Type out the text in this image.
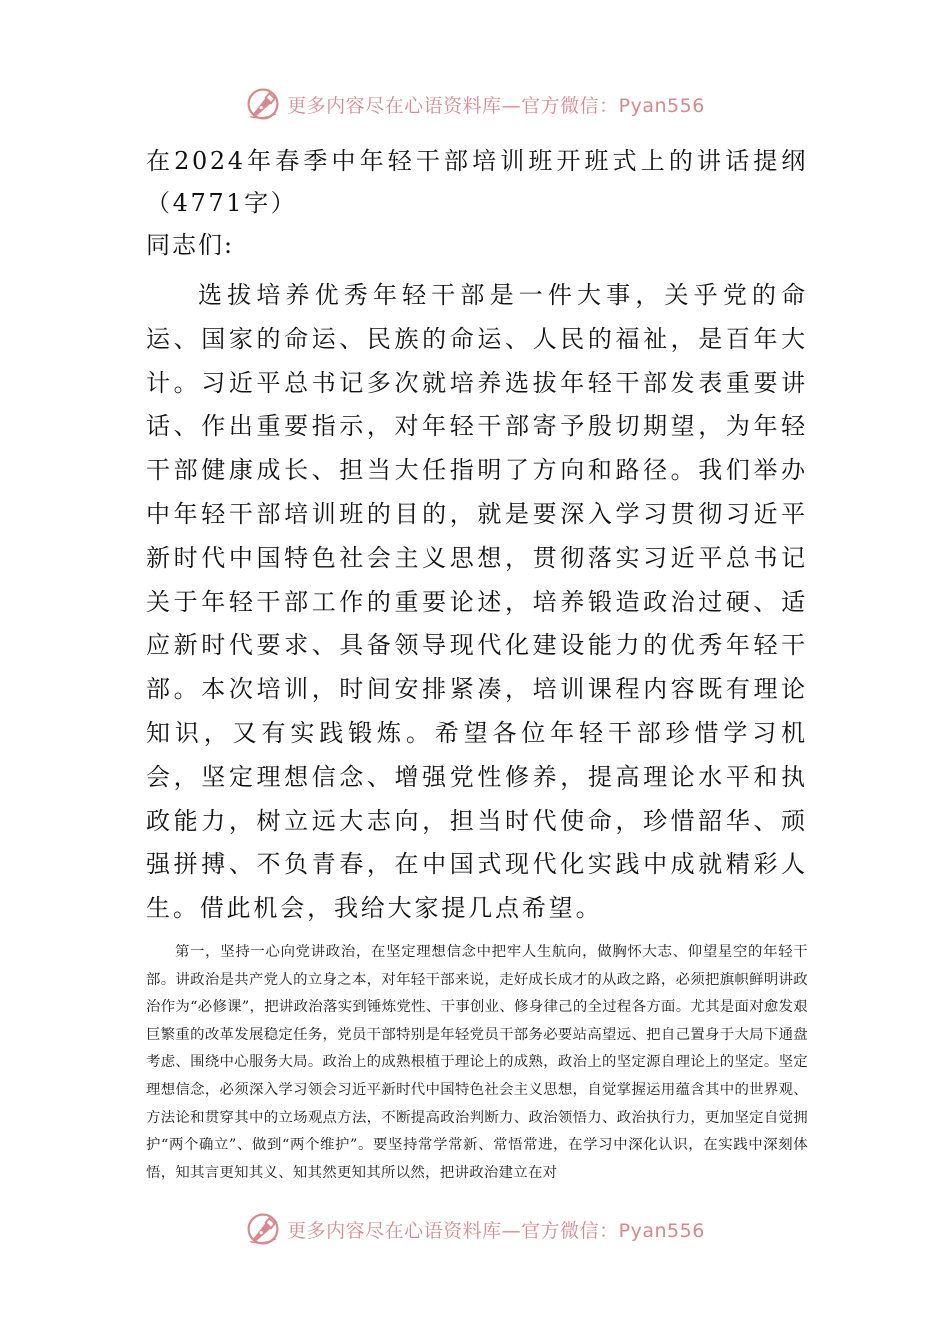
更多内容尽在心语资料库—官方微信：Pyan556
在2024年春季中年轻干部培训班开班式上的讲话提纲（4771字）

同志们:

选拔培养优秀年轻干部是一件大事，关乎党的命运、国家的命运、民族的命运、人民的福祉，是百年大计。习近平总书记多次就培养选拔年轻干部发表重要讲话、作出重要指示，对年轻干部寄予殷切期望，为年轻干部健康成长、担当大任指明了方向和路径。我们举办中年轻干部培训班的目的，就是要深入学习贯彻习近平新时代中国特色社会主义思想，贯彻落实习近平总书记关于年轻干部工作的重要论述，培养锻造政治过硬、适应新时代要求、具备领导现代化建设能力的优秀年轻干部。本次培训，时间安排紧凑，培训课程内容既有理论知识，又有实践锻炼。希望各位年轻干部珍惜学习机会，坚定理想信念、增强党性修养，提高理论水平和执政能力，树立远大志向，担当时代使命，珍惜韶华、顽强拼搏、不负青春，在中国式现代化实践中成就精彩人生。借此机会，我给大家提几点希望。

第一，坚持一心向党讲政治，在坚定理想信念中把牢人生航向，做胸怀大志、仰望星空的年轻干部。讲政治是共产党人的立身之本，对年轻干部来说，走好成长成才的从政之路，必须把旗帜鲜明讲政治作为“必修课”，把讲政治落实到锤炼党性、干事创业、修身律己的全过程各方面。尤其是面对愈发艰巨繁重的改革发展稳定任务，党员干部特别是年轻党员干部务必要站高望远、把自己置身于大局下通盘考虑、围绕中心服务大局。政治上的成熟根植于理论上的成熟，政治上的坚定源自理论上的坚定。坚定理想信念，必须深入学习领会习近平新时代中国特色社会主义思想，自觉掌握运用蕴含其中的世界观、方法论和贯穿其中的立场观点方法，不断提高政治判断力、政治领悟力、政治执行力，更加坚定自觉拥护“两个确立”、做到“两个维护”。要坚持常学常新、常悟常进，在学习中深化认识，在实践中深刻体悟，知其言更知其义、知其然更知其所以然，把讲政治建立在对

更多内容尽在心语资料库—官方微信：Pyan556
